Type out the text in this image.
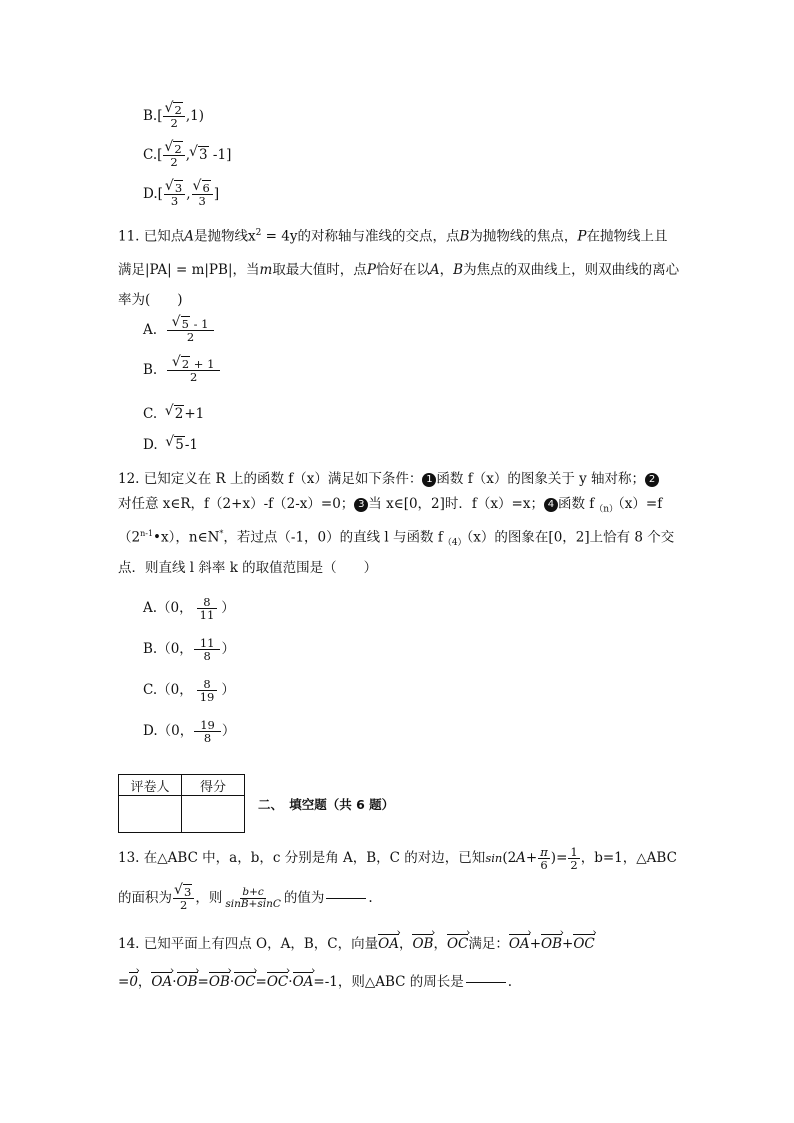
B.[ √ $\frac{2}{2} ,1$)
C.[ √ $\frac{2}{2}$ , √ 3 -1]
D.[ √ $\frac{3}{3}$ , √ $\frac{6}{3}$ ]
11. 已知点A是抛物线$x^2 = 4y$的对称轴与准线的交点，点B为抛物线的焦点，P在抛物线上且
满足|PA| = m|PB|，当m取最大值时，点P恰好在以A，B为焦点的双曲线上，则双曲线的离心
率为(　　)
A. √ $\frac{5 - 1}{2}$
B. √ $\frac{2 + 1}{2}$
C. √ 2+1
D. √ 5-1
12. 已知定义在 R 上的函数 f（x）满足如下条件： 1 函数 f（x）的图象关于 y 轴对称； 2
对任意 x∈R，f（2+x）-f（2-x）=0； 3 当 x∈[0，2]时．f（x）=x； 4 函数 $f_{(n)}(x)=f$
（2$^{n-1}$•x），n∈N*，若过点（-1，0）的直线 l 与函数 $f_{(4)}(x)$的图象在[0，2]上恰有 8 个交
点．则直线 l 斜率 k 的取值范围是（　　）
A.（0， $\frac{8}{11}$ ）
B.（0， $\frac{11}{8}$ ）
C.（0， $\frac{8}{19}$ ）
D.（0， $\frac{19}{8}$ ）
评卷人	得分

二、　填空题（共 6 题）
13. 在△ABC 中，a，b，c 分别是角 A，B，C 的对边，已知$\sin(2A+ \frac{\pi}{6}$ )= $\frac{1}{2}$ ，b=1，△ABC
的面积为 √ $\frac{3}{2}$ ，则 $\frac{b+c}{\sin B+\sin C}$ 的值为	.
14. 已知平面上有四点 O，A，B，C，向量› OA，› OB，› OC满足：› OA+› OB+› OC
=› 0，› OA·› OB=› OB·› OC=› OC·› OA=-1，则△ABC 的周长是	.
